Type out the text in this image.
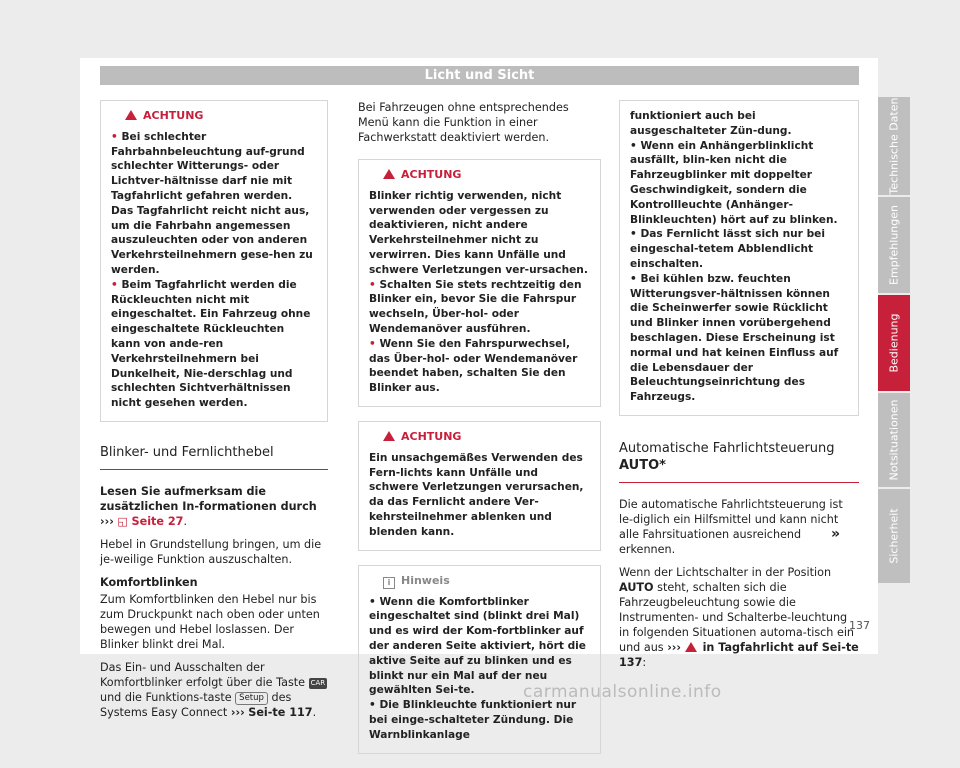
Licht und Sicht
ACHTUNG
• Bei schlechter Fahrbahnbeleuchtung auf-grund schlechter Witterungs- oder Lichtver-hältnisse darf nie mit Tagfahrlicht gefahren werden. Das Tagfahrlicht reicht nicht aus, um die Fahrbahn angemessen auszuleuchten oder von anderen Verkehrsteilnehmern gese-hen zu werden.
• Beim Tagfahrlicht werden die Rückleuchten nicht mit eingeschaltet. Ein Fahrzeug ohne eingeschaltete Rückleuchten kann von ande-ren Verkehrsteilnehmern bei Dunkelheit, Nie-derschlag und schlechten Sichtverhältnissen nicht gesehen werden.
Blinker- und Fernlichthebel

Lesen Sie aufmerksam die zusätzlichen In-formationen durch ››› ◱ Seite 27.

Hebel in Grundstellung bringen, um die je-weilige Funktion auszuschalten.

Komfortblinken

Zum Komfortblinken den Hebel nur bis zum Druckpunkt nach oben oder unten bewegen und Hebel loslassen. Der Blinker blinkt drei Mal.

Das Ein- und Ausschalten der Komfortblinker erfolgt über die Taste CAR und die Funktions-taste Setup des Systems Easy Connect ››› Sei-te 117.

Bei Fahrzeugen ohne entsprechendes Menü kann die Funktion in einer Fachwerkstatt deaktiviert werden.

ACHTUNG
Blinker richtig verwenden, nicht verwenden oder vergessen zu deaktivieren, nicht andere Verkehrsteilnehmer nicht zu verwirren. Dies kann Unfälle und schwere Verletzungen ver-ursachen.
• Schalten Sie stets rechtzeitig den Blinker ein, bevor Sie die Fahrspur wechseln, Über-hol- oder Wendemanöver ausführen.
• Wenn Sie den Fahrspurwechsel, das Über-hol- oder Wendemanöver beendet haben, schalten Sie den Blinker aus.
ACHTUNG
Ein unsachgemäßes Verwenden des Fern-lichts kann Unfälle und schwere Verletzungen verursachen, da das Fernlicht andere Ver-kehrsteilnehmer ablenken und blenden kann.
i Hinweis
• Wenn die Komfortblinker eingeschaltet sind (blinkt drei Mal) und es wird der Kom-fortblinker auf der anderen Seite aktiviert, hört die aktive Seite auf zu blinken und es blinkt nur ein Mal auf der neu gewählten Sei-te.
• Die Blinkleuchte funktioniert nur bei einge-schalteter Zündung. Die Warnblinkanlage
funktioniert auch bei ausgeschalteter Zün-dung.
• Wenn ein Anhängerblinklicht ausfällt, blin-ken nicht die Fahrzeugblinker mit doppelter Geschwindigkeit, sondern die Kontrollleuchte (Anhänger-Blinkleuchten) hört auf zu blinken.
• Das Fernlicht lässt sich nur bei eingeschal-tetem Abblendlicht einschalten.
• Bei kühlen bzw. feuchten Witterungsver-hältnissen können die Scheinwerfer sowie Rücklicht und Blinker innen vorübergehend beschlagen. Diese Erscheinung ist normal und hat keinen Einfluss auf die Lebensdauer der Beleuchtungseinrichtung des Fahrzeugs.
Automatische Fahrlichtsteuerung
AUTO*

Die automatische Fahrlichtsteuerung ist le-diglich ein Hilfsmittel und kann nicht alle Fahrsituationen ausreichend erkennen.

Wenn der Lichtschalter in der Position AUTO steht, schalten sich die Fahrzeugbeleuchtung sowie die Instrumenten- und Schalterbe-leuchtung in folgenden Situationen automa-tisch ein und aus ››› in Tagfahrlicht auf Sei-te 137:

»
Technische Daten
Empfehlungen
Bedienung
Notsituationen
Sicherheit
137
carmanualsonline.info
